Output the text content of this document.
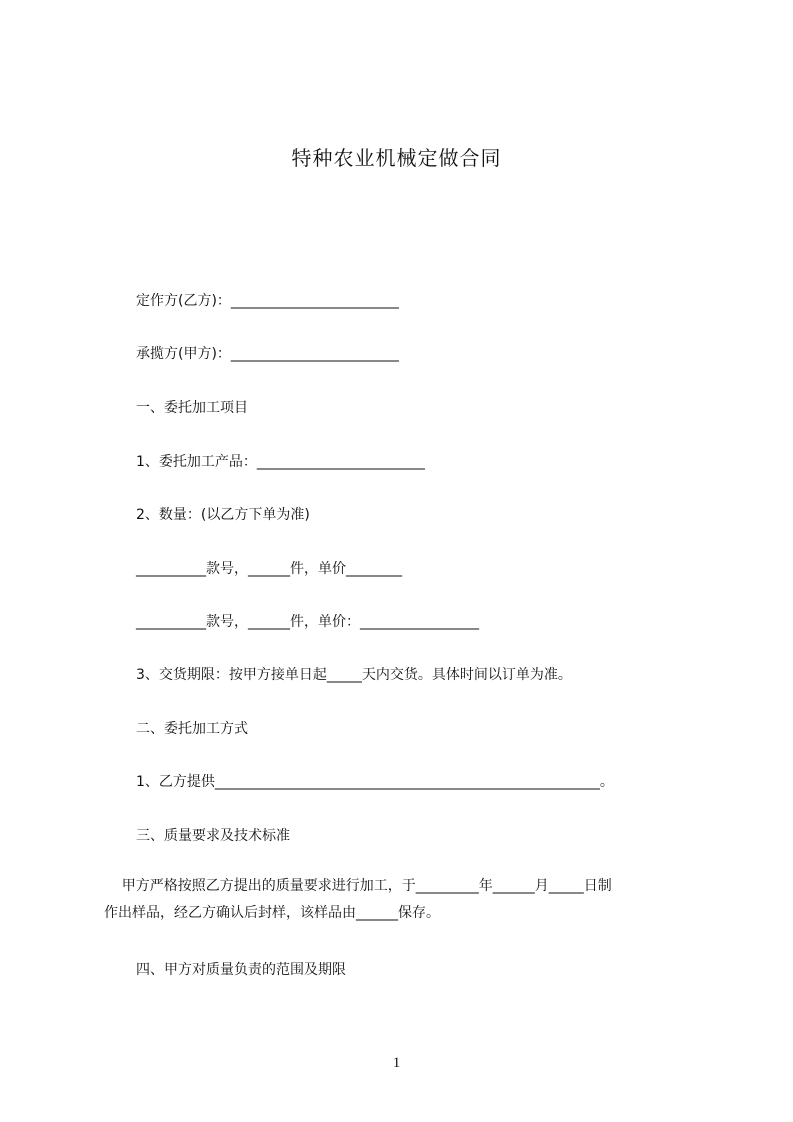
特种农业机械定做合同
定作方(乙方)：________________________
承揽方(甲方)：________________________
一、委托加工项目
1、委托加工产品：________________________
2、数量：(以乙方下单为准)
__________款号，______件，单价________
__________款号，______件，单价：_________________
3、交货期限：按甲方接单日起_____天内交货。具体时间以订单为准。
二、委托加工方式
1、乙方提供_______________________________________________________。
三、质量要求及技术标准
甲方严格按照乙方提出的质量要求进行加工，于_________年______月_____日制
作出样品，经乙方确认后封样，该样品由______保存。
四、甲方对质量负责的范围及期限
1
